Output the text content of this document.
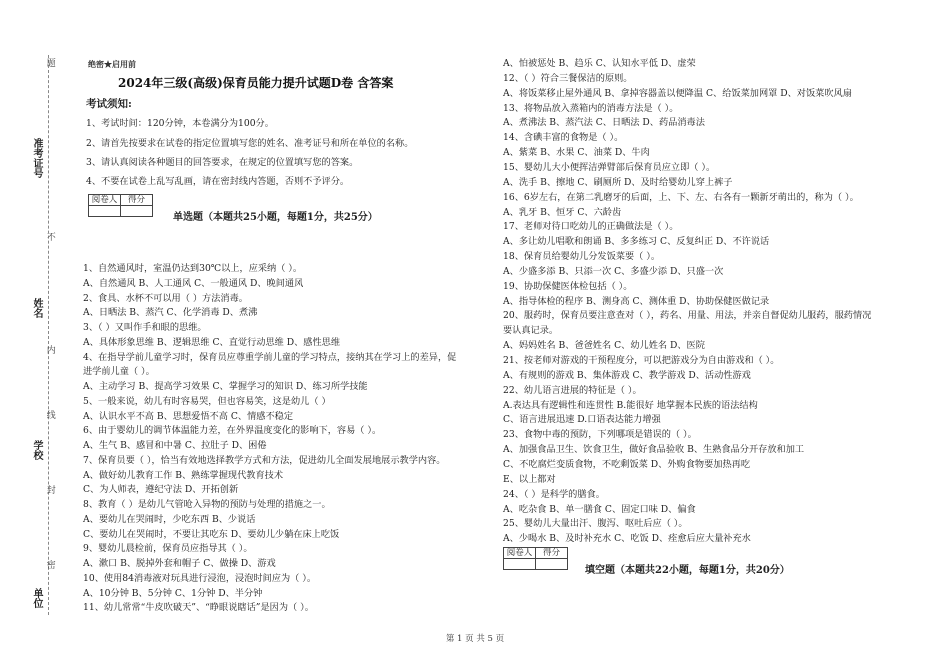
题
不
内
线
封
密
准考证号
姓名
学校
单位
绝密★启用前
2024年三级(高级)保育员能力提升试题D卷 含答案
考试须知:
1、考试时间：120分钟，本卷满分为100分。
2、请首先按要求在试卷的指定位置填写您的姓名、准考证号和所在单位的名称。
3、请认真阅读各种题目的回答要求，在规定的位置填写您的答案。
4、不要在试卷上乱写乱画，请在密封线内答题，否则不予评分。
阅卷人	得分

单选题（本题共25小题，每题1分，共25分）
1、自然通风时，室温仍达到30℃以上，应采纳（ ）。
A、自然通风 B、人工通风 C、一般通风 D、晚间通风
2、食具、水杯不可以用（ ）方法消毒。
A、日晒法 B、蒸汽 C、化学消毒 D、煮沸
3、（ ）又叫作手和眼的思维。
A、具体形象思维 B、逻辑思维 C、直觉行动思维 D、感性思维
4、在指导学前儿童学习时，保育员应尊重学前儿童的学习特点，接纳其在学习上的差异，促
进学前儿童（ ）。
A、主动学习 B、提高学习效果 C、掌握学习的知识 D、练习所学技能
5、一般来说，幼儿有时容易哭，但也容易笑，这是幼儿（ ）
A、认识水平不高 B、思想爱悟不高 C、情感不稳定
6、由于婴幼儿的调节体温能力差，在外界温度变化的影响下，容易（ ）。
A、生气 B、感冒和中暑 C、拉肚子 D、困倦
7、保育员要（ ），恰当有效地选择教学方式和方法，促进幼儿全面发展地展示教学内容。
A、做好幼儿教育工作 B、熟练掌握现代教育技术
C、为人师表，遵纪守法 D、开拓创新
8、教育（ ）是幼儿气管呛入异物的预防与处理的措施之一。
A、要幼儿在哭闹时，少吃东西 B、少说话
C、要幼儿在哭闹时，不要让其吃东 D、要幼儿少躺在床上吃饭
9、婴幼儿晨检前，保育员应指导其（ ）。
A、漱口 B、脱掉外套和帽子 C、做操 D、游戏
10、使用84消毒液对玩具进行浸泡，浸泡时间应为（ ）。
A、10分钟 B、5分钟 C、1分钟 D、半分钟
11、幼儿常常“牛皮吹破天”、“睁眼说瞎话”是因为（ ）。
A、怕被惩处 B、趋乐 C、认知水平低 D、虚荣
12、（ ）符合三餐保洁的原则。
A、将饭菜移止屋外通风 B、拿掉容器盖以便降温 C、给饭菜加网罩 D、对饭菜吹风扇
13、将物品放入蒸箱内的消毒方法是（ ）。
A、煮沸法 B、蒸汽法 C、日晒法 D、药品消毒法
14、含碘丰富的食物是（ ）。
A、紫菜 B、水果 C、油菜 D、牛肉
15、婴幼儿大小便挥洁弹臂部后保育员应立即（ ）。
A、洗手 B、擦地 C、刷厕所 D、及时给婴幼儿穿上裤子
16、6岁左右，在第二乳磨牙的后面，上、下、左、右各有一颗新牙萌出的，称为（ ）。
A、乳牙 B、恒牙 C、六龄齿
17、老师对待口吃幼儿的正确做法是（ ）。
A、多让幼儿唱歌和朗诵 B、多多练习 C、反复纠正 D、不许说话
18、保育员给婴幼儿分发饭菜要（ ）。
A、少盛多添 B、只添一次 C、多盛少添 D、只盛一次
19、协助保健医体检包括（ ）。
A、指导体检的程序 B、测身高 C、测体重 D、协助保健医做记录
20、服药时，保育员要注意查对（ ），药名、用量、用法，并亲自督促幼儿服药，服药情况
要认真记录。
A、妈妈姓名 B、爸爸姓名 C、幼儿姓名 D、医院
21、按老师对游戏的干预程度分，可以把游戏分为自由游戏和（ ）。
A、有规则的游戏 B、集体游戏 C、教学游戏 D、活动性游戏
22、幼儿语言进展的特征是（ ）。
A.表达具有逻辑性和连贯性 B.能很好 地掌握本民族的语法结构
C、语言进展迅速 D.口语表达能力增强
23、食物中毒的预防，下列哪项是错误的（ ）。
A、加强食品卫生、饮食卫生，做好食品验收 B、生熟食品分开存放和加工
C、不吃腐烂变质食物，不吃剩饭菜 D、外购食物要加热再吃
E、以上都对
24、（ ）是科学的膳食。
A、吃杂食 B、单一膳食 C、固定口味 D、偏食
25、婴幼儿大量出汗、腹泻、呕吐后应（ ）。
A、少喝水 B、及时补充水 C、吃饭 D、痊愈后应大量补充水
阅卷人	得分

填空题（本题共22小题，每题1分，共20分）
第 1 页 共 5 页
